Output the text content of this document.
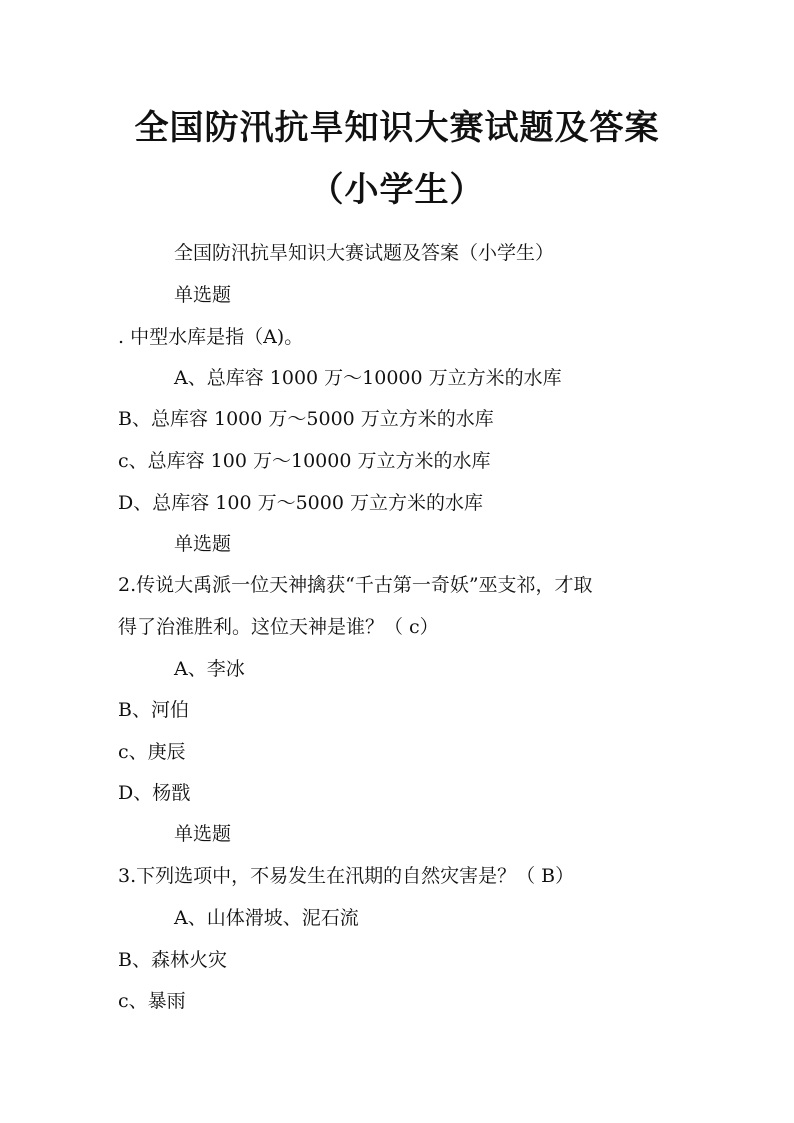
全国防汛抗旱知识大赛试题及答案
（小学生）
全国防汛抗旱知识大赛试题及答案（小学生）
单选题
. 中型水库是指（A)。
A、总库容 1000 万～10000 万立方米的水库
B、总库容 1000 万～5000 万立方米的水库
c、总库容 100 万～10000 万立方米的水库
D、总库容 100 万～5000 万立方米的水库
单选题
2.传说大禹派一位天神擒获“千古第一奇妖”巫支祁，才取
得了治淮胜利。这位天神是谁？（ c）
A、李冰
B、河伯
c、庚辰
D、杨戬
单选题
3.下列选项中，不易发生在汛期的自然灾害是？（ B）
A、山体滑坡、泥石流
B、森林火灾
c、暴雨
